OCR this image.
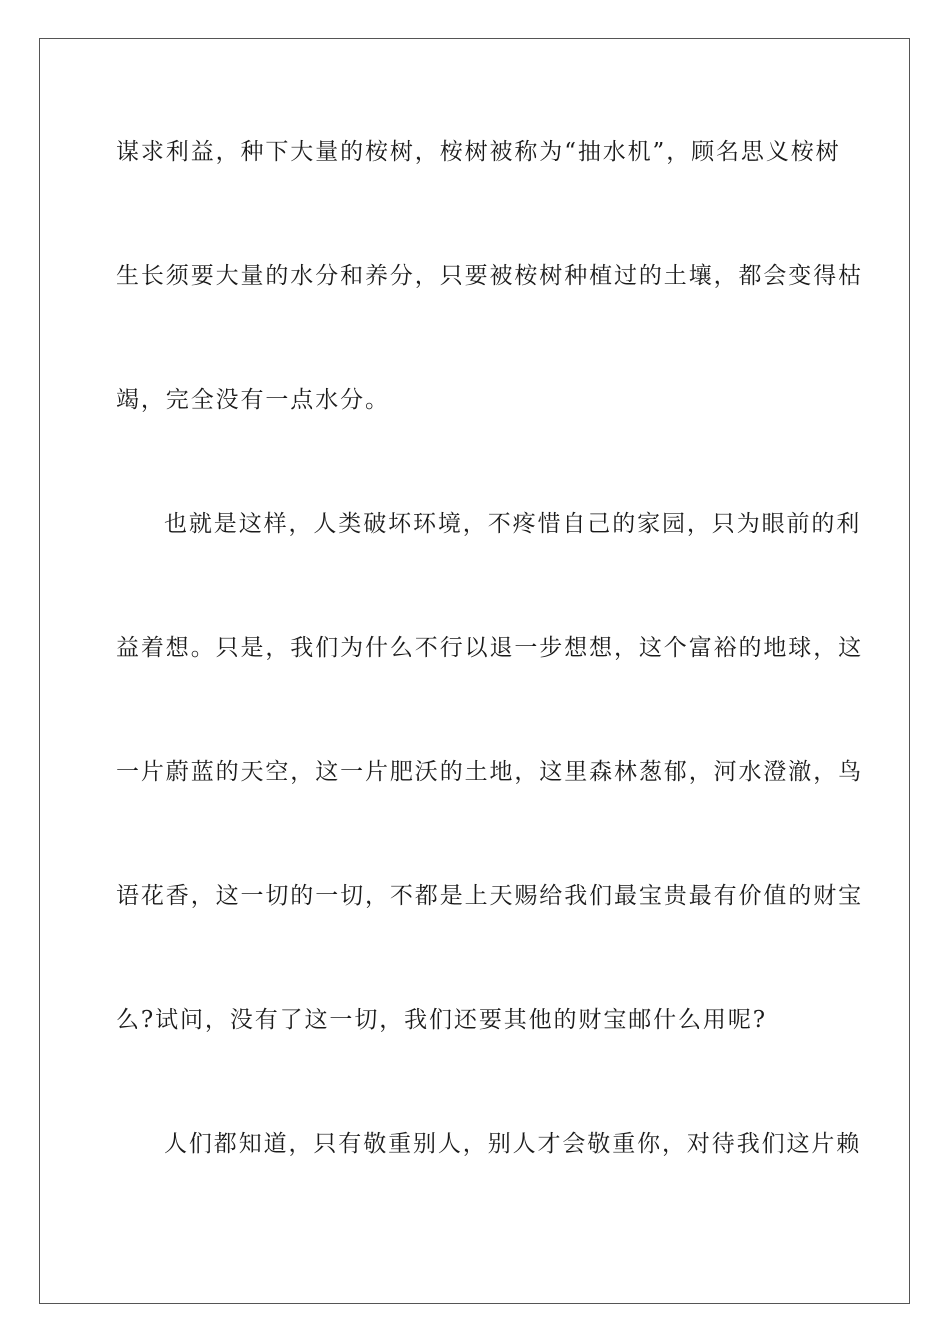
谋求利益，种下大量的桉树，桉树被称为“抽水机”，顾名思义桉树
生长须要大量的水分和养分，只要被桉树种植过的土壤，都会变得枯
竭，完全没有一点水分。
也就是这样，人类破坏环境，不疼惜自己的家园，只为眼前的利
益着想。只是，我们为什么不行以退一步想想，这个富裕的地球，这
一片蔚蓝的天空，这一片肥沃的土地，这里森林葱郁，河水澄澈，鸟
语花香，这一切的一切，不都是上天赐给我们最宝贵最有价值的财宝
么?试问，没有了这一切，我们还要其他的财宝邮什么用呢?
人们都知道，只有敬重别人，别人才会敬重你，对待我们这片赖
